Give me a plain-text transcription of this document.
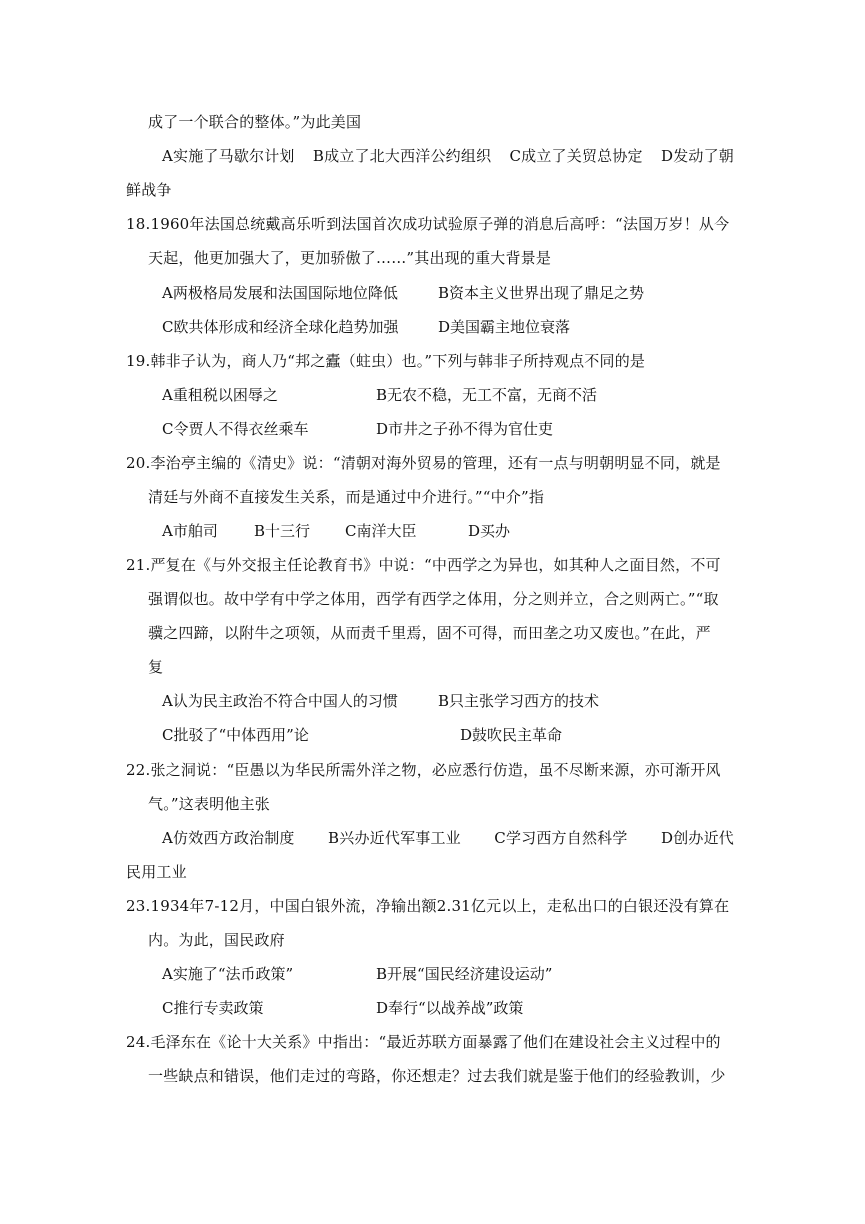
成了一个联合的整体。”为此美国
A实施了马歇尔计划 B成立了北大西洋公约组织 C成立了关贸总协定 D发动了朝
鲜战争
18.1960年法国总统戴高乐听到法国首次成功试验原子弹的消息后高呼：“法国万岁！从今
天起，他更加强大了，更加骄傲了……”其出现的重大背景是
A两极格局发展和法国国际地位降低	B资本主义世界出现了鼎足之势
C欧共体形成和经济全球化趋势加强	D美国霸主地位衰落
19.韩非子认为，商人乃“邦之蠹（蛀虫）也。”下列与韩非子所持观点不同的是
A重租税以困辱之	B无农不稳，无工不富，无商不活
C令贾人不得衣丝乘车	D市井之子孙不得为官仕吏
20.李治亭主编的《清史》说：“清朝对海外贸易的管理，还有一点与明朝明显不同，就是
清廷与外商不直接发生关系，而是通过中介进行。”“中介”指
A市舶司 B十三行 C南洋大臣	D买办
21.严复在《与外交报主任论教育书》中说：“中西学之为异也，如其种人之面目然，不可
强谓似也。故中学有中学之体用，西学有西学之体用，分之则并立，合之则两亡。”“取
骥之四蹄，以附牛之项领，从而责千里焉，固不可得，而田垄之功又废也。”在此，严
复
A认为民主政治不符合中国人的习惯	B只主张学习西方的技术
C批驳了“中体西用”论	D鼓吹民主革命
22.张之洞说：“臣愚以为华民所需外洋之物，必应悉行仿造，虽不尽断来源，亦可渐开风
气。”这表明他主张
A仿效西方政治制度 B兴办近代军事工业 C学习西方自然科学 D创办近代
民用工业
23.1934年7-12月，中国白银外流，净输出额2.31亿元以上，走私出口的白银还没有算在
内。为此，国民政府
A实施了“法币政策”	B开展“国民经济建设运动”
C推行专卖政策	D奉行“以战养战”政策
24.毛泽东在《论十大关系》中指出：“最近苏联方面暴露了他们在建设社会主义过程中的
一些缺点和错误，他们走过的弯路，你还想走？过去我们就是鉴于他们的经验教训，少
